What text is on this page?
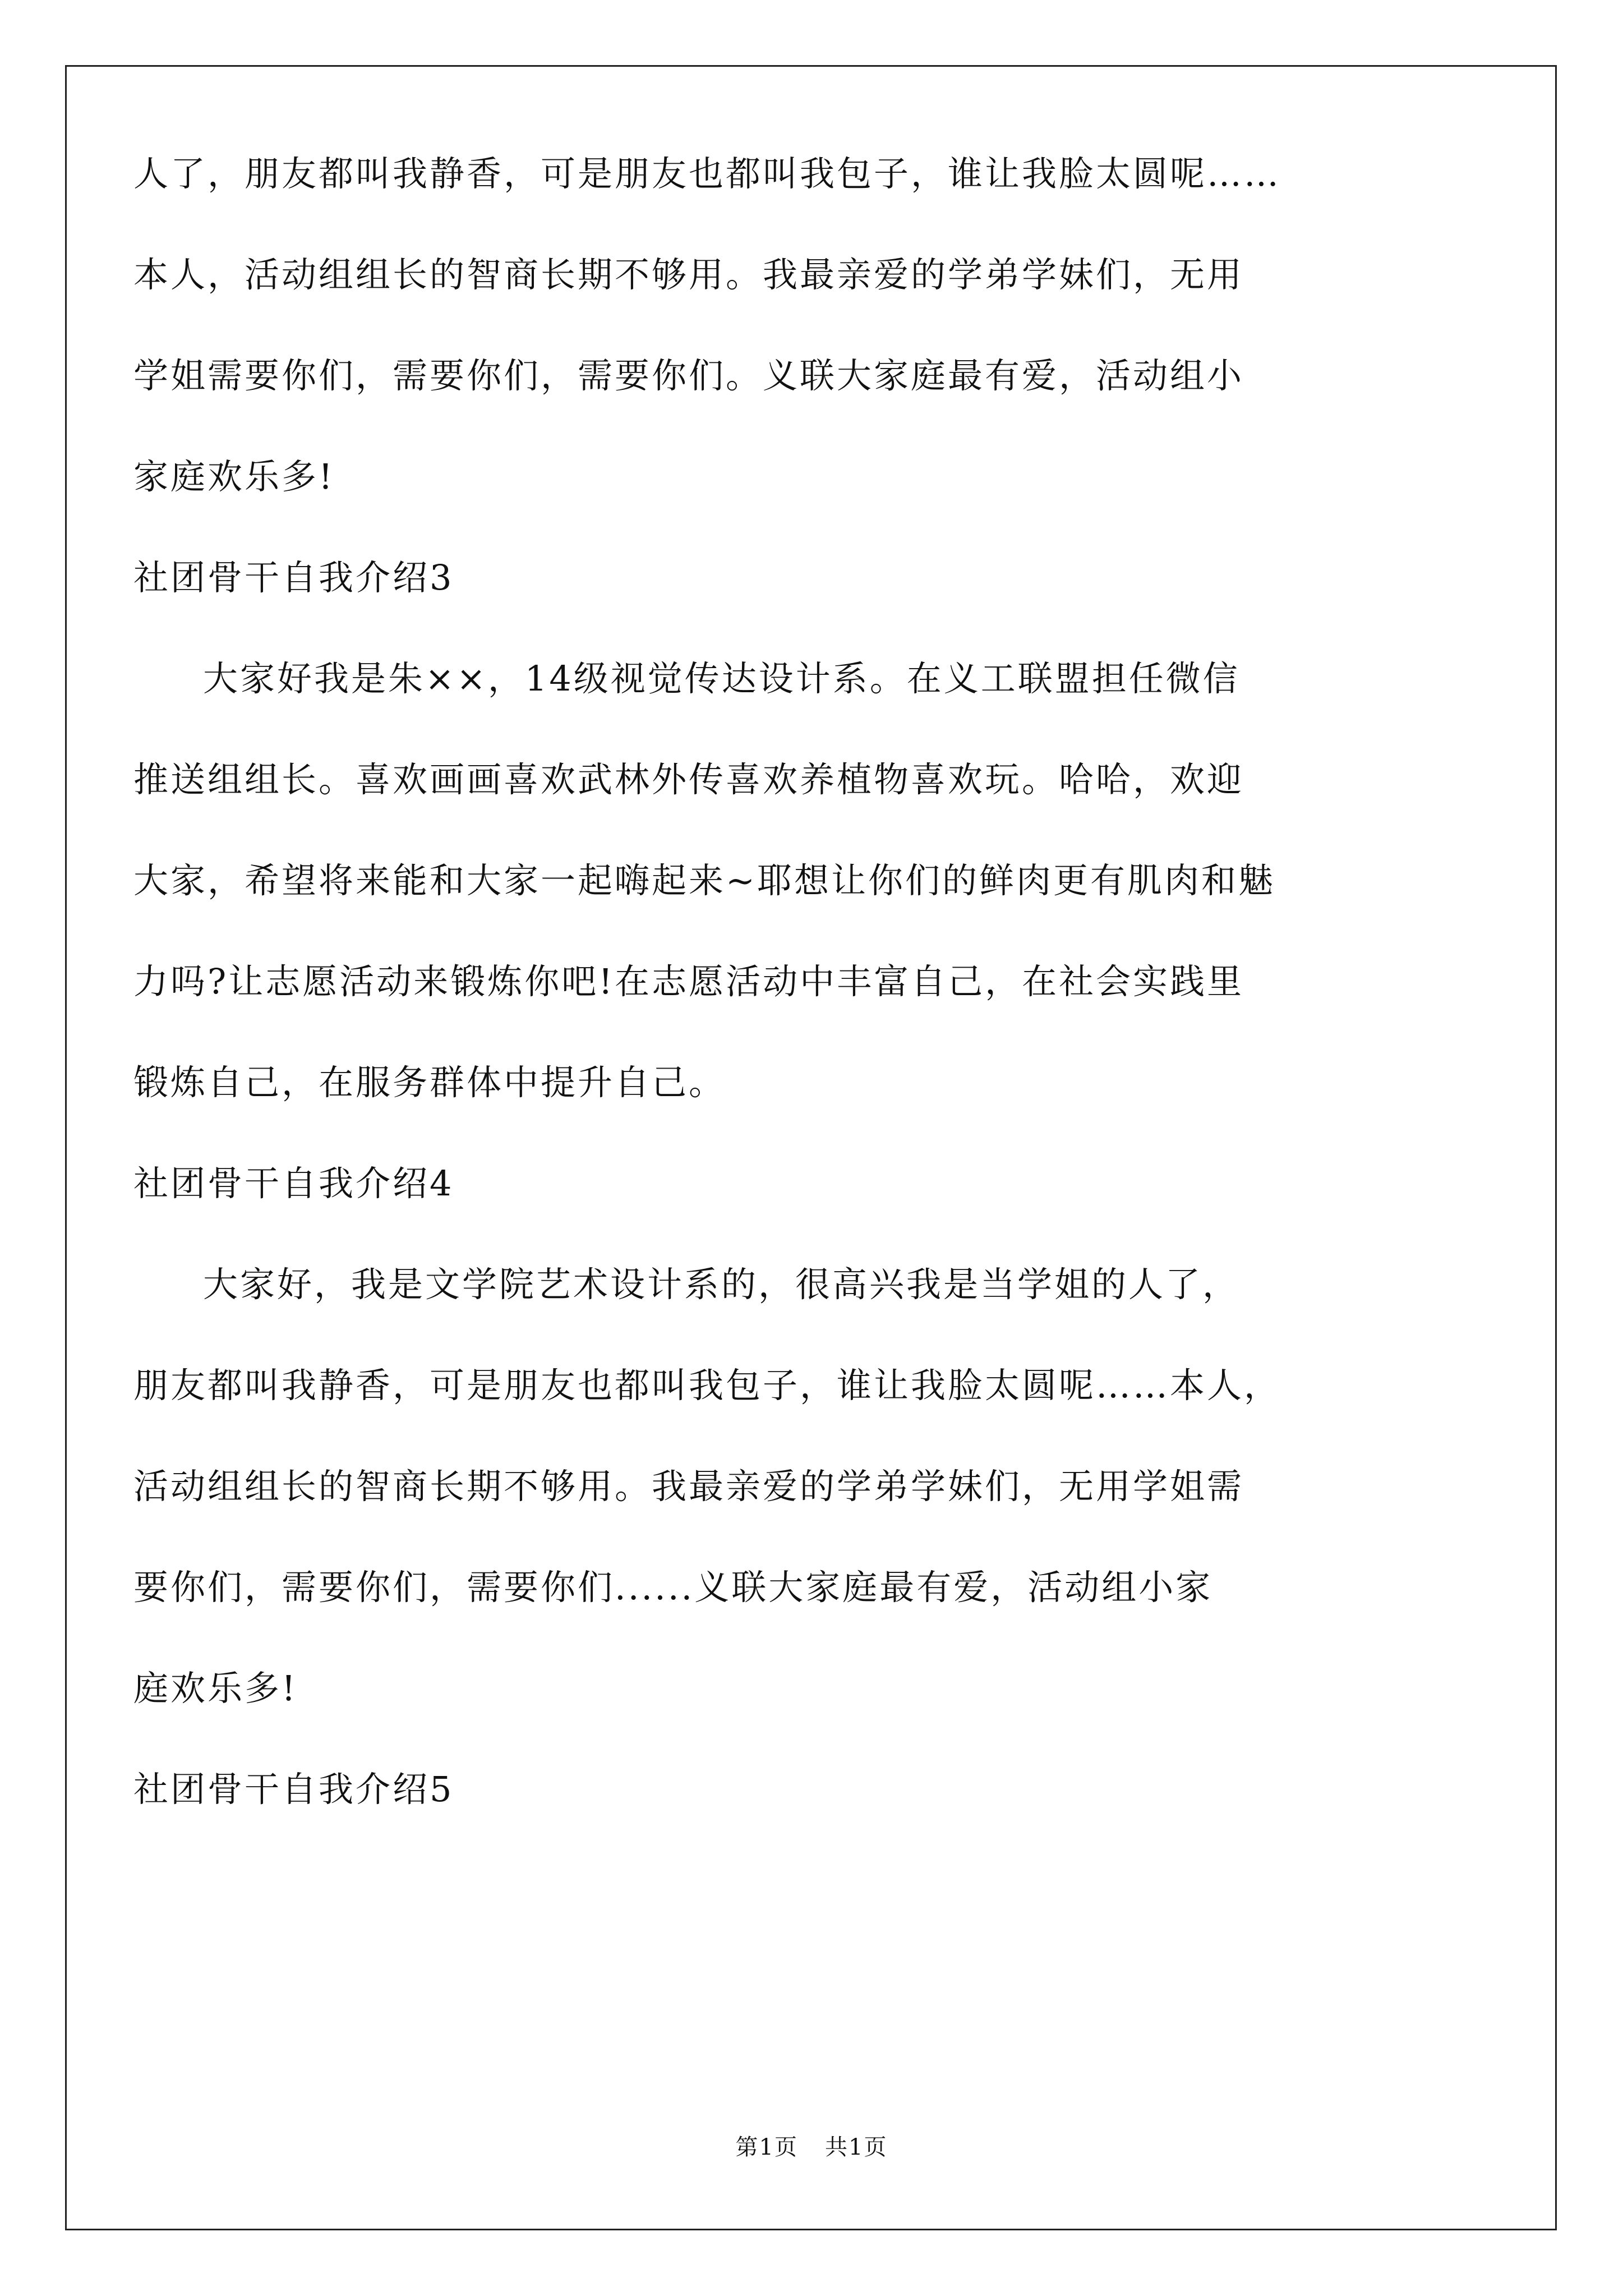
人了，朋友都叫我静香，可是朋友也都叫我包子，谁让我脸太圆呢……
本人，活动组组长的智商长期不够用。我最亲爱的学弟学妹们，无用
学姐需要你们，需要你们，需要你们。义联大家庭最有爱，活动组小
家庭欢乐多!
社团骨干自我介绍3
大家好我是朱××，14级视觉传达设计系。在义工联盟担任微信
推送组组长。喜欢画画喜欢武林外传喜欢养植物喜欢玩。哈哈，欢迎
大家，希望将来能和大家一起嗨起来~耶想让你们的鲜肉更有肌肉和魅
力吗?让志愿活动来锻炼你吧!在志愿活动中丰富自己，在社会实践里
锻炼自己，在服务群体中提升自己。
社团骨干自我介绍4
大家好，我是文学院艺术设计系的，很高兴我是当学姐的人了，
朋友都叫我静香，可是朋友也都叫我包子，谁让我脸太圆呢……本人，
活动组组长的智商长期不够用。我最亲爱的学弟学妹们，无用学姐需
要你们，需要你们，需要你们......义联大家庭最有爱，活动组小家
庭欢乐多!
社团骨干自我介绍5
第1页 共1页
